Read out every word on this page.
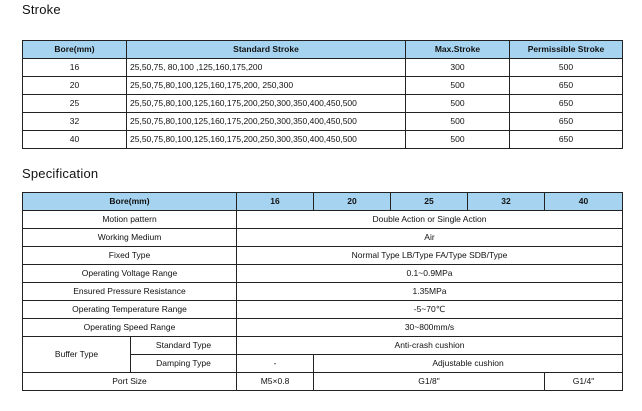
Stroke
Bore(mm)	Standard Stroke	Max.Stroke	Permissible Stroke
16	25,50,75, 80,100 ,125,160,175,200	300	500
20	25,50,75,80,100,125,160,175,200, 250,300	500	650
25	25,50,75,80,100,125,160,175,200,250,300,350,400,450,500	500	650
32	25,50,75,80,100,125,160,175,200,250,300,350,400,450,500	500	650
40	25,50,75,80,100,125,160,175,200,250,300,350,400,450,500	500	650
Specification
Bore(mm)		16	20	25	32	40
Motion pattern		Double Action or Single Action				
Working Medium		Air				
Fixed Type		Normal Type LB/Type FA/Type SDB/Type				
Operating Voltage Range		0.1~0.9MPa				
Ensured Pressure Resistance		1.35MPa				
Operating Temperature Range		-5~70℃				
Operating Speed Range		30~800mm/s				
Buffer Type	Standard Type	Anti-crash cushion				
	Damping Type	-	Adjustable cushion			
Port Size		M5×0.8	G1/8"			G1/4"
